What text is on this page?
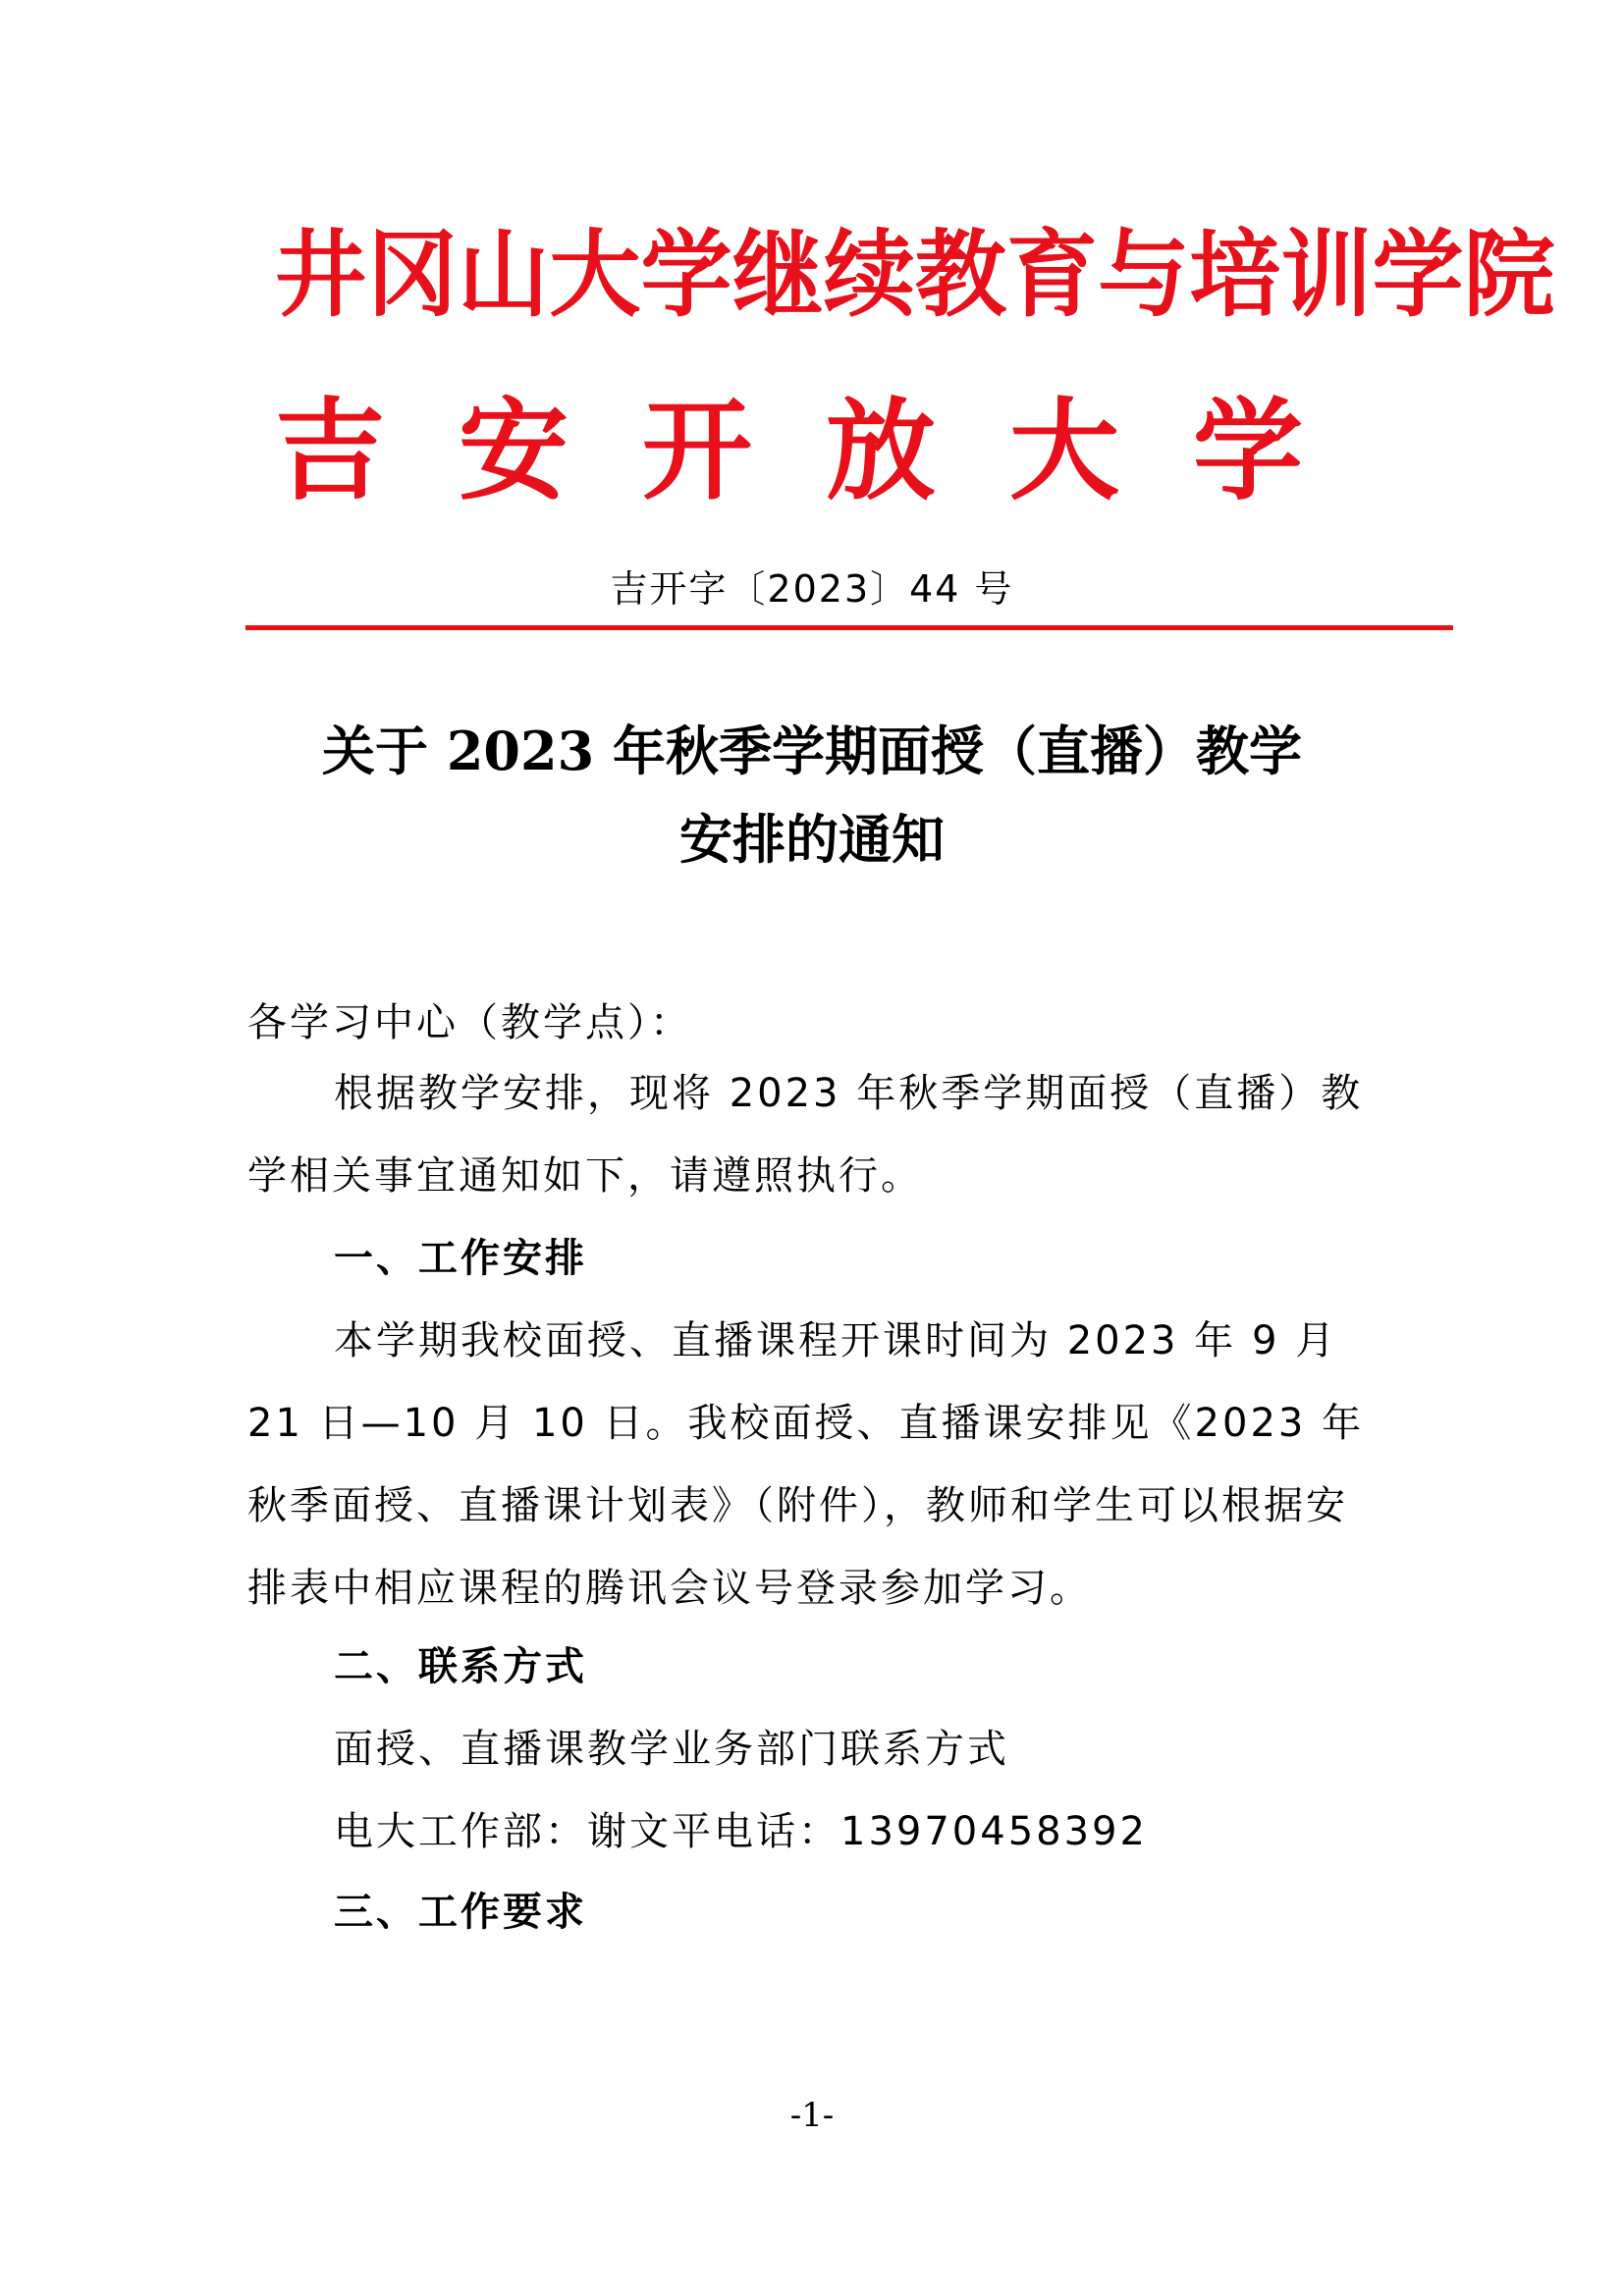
井冈山大学继续教育与培训学院
吉安开放大学
吉开字〔2023〕44 号
关于 2023 年秋季学期面授（直播）教学
安排的通知
各学习中心（教学点）：
根据教学安排，现将 2023 年秋季学期面授（直播）教学相关事宜通知如下，请遵照执行。
一、工作安排
本学期我校面授、直播课程开课时间为 2023 年 9 月 21 日—10 月 10 日。我校面授、直播课安排见《2023 年秋季面授、直播课计划表》（附件），教师和学生可以根据安排表中相应课程的腾讯会议号登录参加学习。
二、联系方式
面授、直播课教学业务部门联系方式
电大工作部：谢文平电话：13970458392
三、工作要求
-1-
